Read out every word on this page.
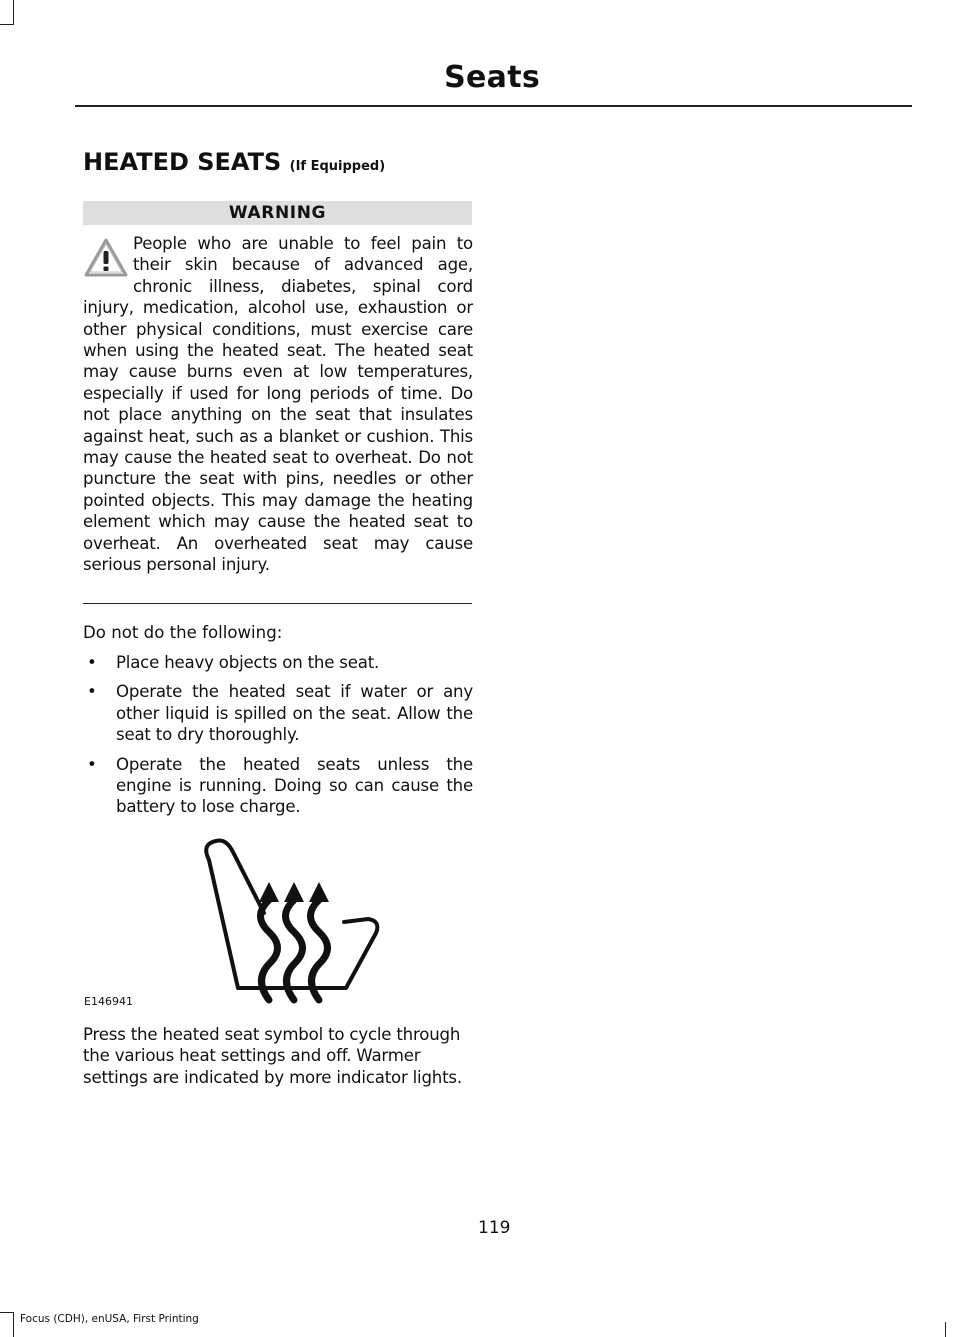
Seats
HEATED SEATS (If Equipped)
WARNING
People who are unable to feel pain to their skin because of advanced age, chronic illness, diabetes, spinal cord injury, medication, alcohol use, exhaustion or other physical conditions, must exercise care when using the heated seat. The heated seat may cause burns even at low temperatures, especially if used for long periods of time. Do not place anything on the seat that insulates against heat, such as a blanket or cushion. This may cause the heated seat to overheat. Do not puncture the seat with pins, needles or other pointed objects. This may damage the heating element which may cause the heated seat to overheat. An overheated seat may cause serious personal injury.
Do not do the following:
• Place heavy objects on the seat.
• Operate the heated seat if water or any other liquid is spilled on the seat. Allow the seat to dry thoroughly.
• Operate the heated seats unless the engine is running. Doing so can cause the battery to lose charge.
E146941
Press the heated seat symbol to cycle through the various heat settings and off. Warmer settings are indicated by more indicator lights.
119
Focus (CDH), enUSA, First Printing
